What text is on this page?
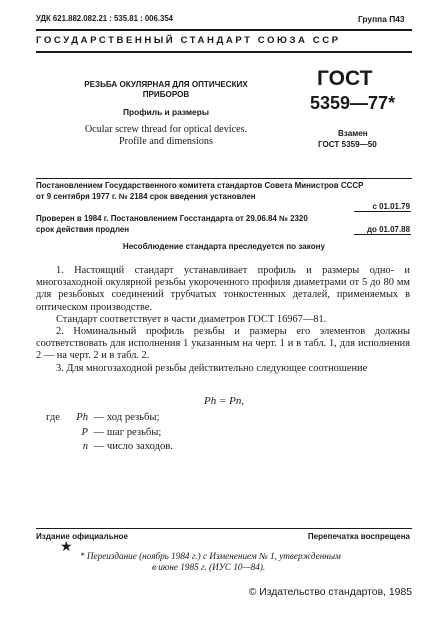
УДК 621.882.082.21 : 535.81 : 006.354	Группа П43
ГОСУДАРСТВЕННЫЙ СТАНДАРТ СОЮЗА ССР
РЕЗЬБА ОКУЛЯРНАЯ ДЛЯ ОПТИЧЕСКИХ
ПРИБОРОВ
Профиль и размеры
Ocular screw thread for optical devices.
Profile and dimensions
ГОСТ
5359—77*
Взамен
ГОСТ 5359—50
Постановлением Государственного комитета стандартов Совета Министров СССР
от 9 сентября 1977 г. № 2184 срок введения установлен
с 01.01.79
Проверен в 1984 г. Постановлением Госстандарта от 29.06.84 № 2320
срок действия продлен	до 01.07.88
Несоблюдение стандарта преследуется по закону

1. Настоящий стандарт устанавливает профиль и размеры одно- и многозаходной окулярной резьбы укороченного профиля диаметрами от 5 до 80 мм для резьбовых соединений трубчатых тонкостенных деталей, применяемых в оптическом производстве.

Стандарт соответствует в части диаметров ГОСТ 16967—81.

2. Номинальный профиль резьбы и размеры его элементов должны соответствовать для исполнения 1 указанным на черт. 1 и в табл. 1, для исполнения 2 — на черт. 2 и в табл. 2.

3. Для многозаходной резьбы действительно следующее соотношение

Ph = Pn,
где	Ph — ход резьбы;
P — шаг резьбы;
n — число заходов.
Издание официальное	Перепечатка воспрещена
★
* Переиздание (ноябрь 1984 г.) с Изменением № 1, утвержденным
в июне 1985 г. (ИУС 10—84).
© Издательство стандартов, 1985
